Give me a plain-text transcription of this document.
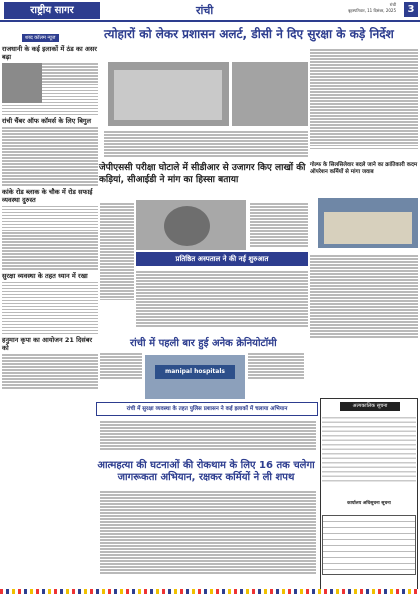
राष्ट्रीय सागर	रांची	रांची
बृहस्पतिवार, 11 दिसंबर, 2025	3
शब्द कॉलम न्यूज
राजधानी के कई इलाकों में ठंड का असर बढ़ा
रांची चैंबर ऑफ कॉमर्स के लिए बिगुल
कांके रोड ब्लाक के चौक में रोड सफाई व्यवस्था दुरुस्त
सुरक्षा व्यवस्था के तहत ध्यान में रखा
हनुमान कृपा का आयोजन 21 दिसंबर को
त्योहारों को लेकर प्रशासन अलर्ट, डीसी ने दिए सुरक्षा के कड़े निर्देश
जेपीएससी परीक्षा घोटाले में सीडीआर से उजागर किए लाखों की कड़ियां, सीआईडी ने मांग का हिस्सा बताया
प्रतिष्ठित अस्पताल ने की नई शुरुआत
गोल्फ के सिलसिलेवार बदले जाने का क्रांतिकारी कदम ऑपरेशन कर्मियों से मांगा जवाब
रांची में पहली बार हुई अनेक क्रेनियोटॉमी
manipal hospitals
रांची में सुरक्षा व्यवस्था के तहत पुलिस प्रशासन ने कई इलाकों में चलाया अभियान
आत्महत्या की घटनाओं की रोकथाम के लिए 16 तक चलेगा जागरूकता अभियान, रक्षकर कर्मियों ने ली शपथ
अल्पकालिक सूचना
कार्यालय अधिसूचना सूचना
